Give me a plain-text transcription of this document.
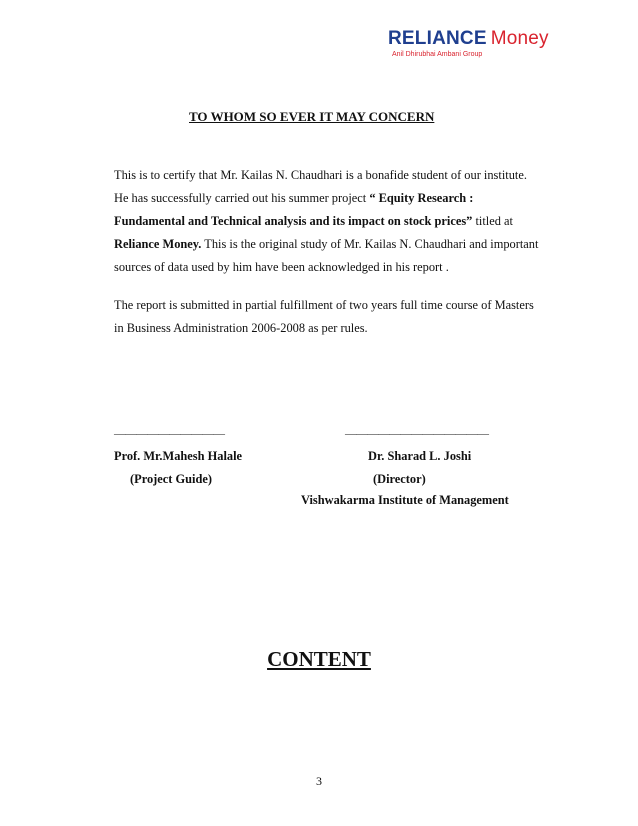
RELIANCE Money
Anil Dhirubhai Ambani Group
TO WHOM SO EVER IT MAY CONCERN
This is to certify that Mr. Kailas N. Chaudhari is a bonafide student of our institute. He has successfully carried out his summer project “ Equity Research : Fundamental and Technical analysis and its impact on stock prices” titled at Reliance Money. This is the original study of Mr. Kailas N. Chaudhari and important sources of data used by him have been acknowledged in his report .
The report is submitted in partial fulfillment of two years full time course of Masters in Business Administration 2006-2008 as per rules.
——————————
Prof. Mr.Mahesh Halale
(Project Guide)
—————————————
Dr. Sharad L. Joshi
(Director)
Vishwakarma Institute of Management
CONTENT
3
